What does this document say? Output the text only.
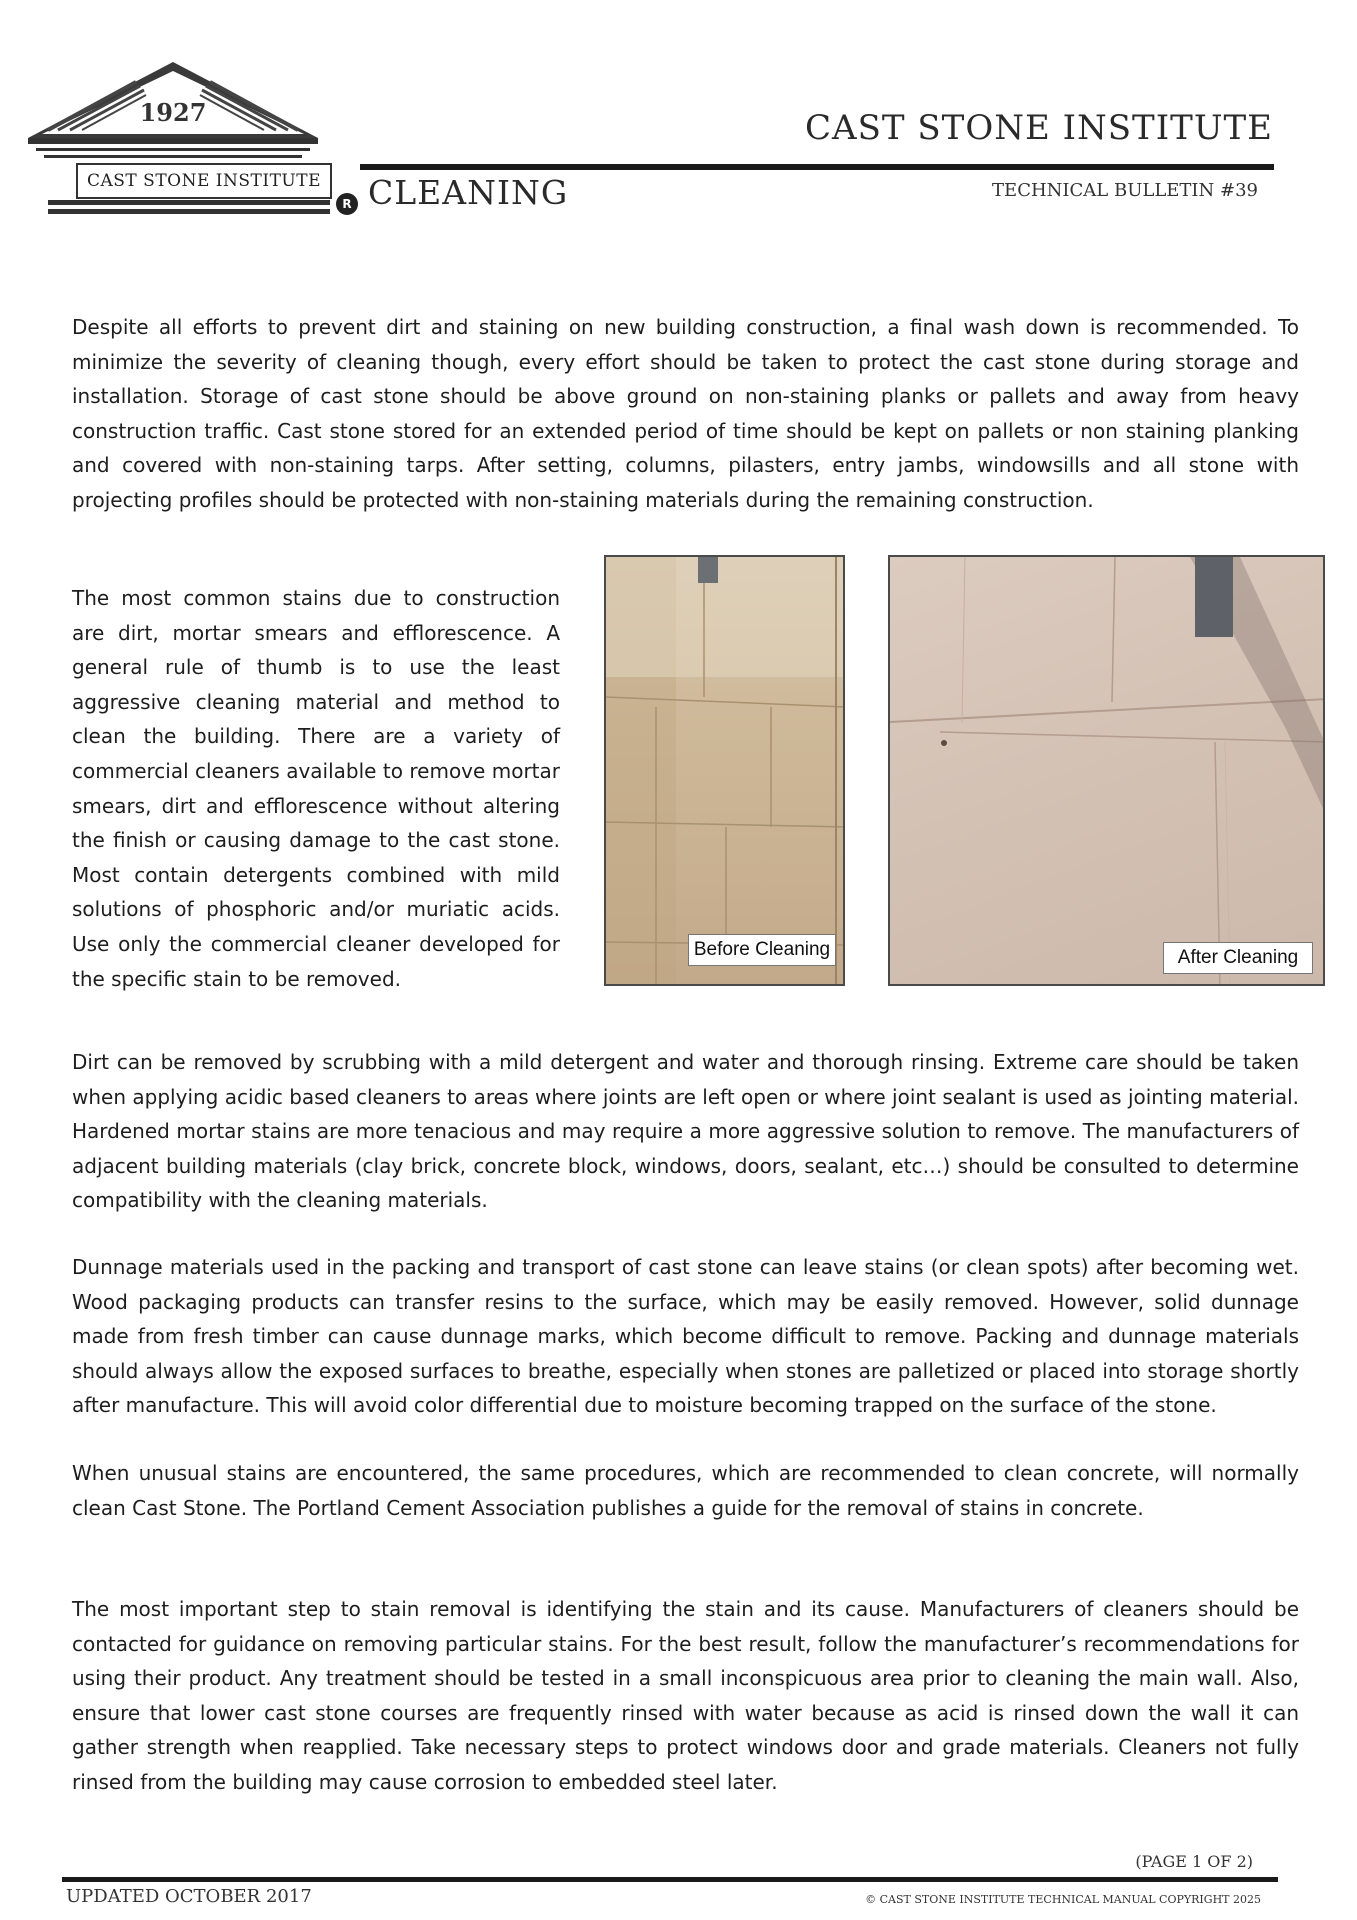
1927
CAST STONE INSTITUTE
R
CAST STONE INSTITUTE
CLEANING	TECHNICAL BULLETIN #39

Despite all efforts to prevent dirt and staining on new building construction, a final wash down is recommended. To minimize the severity of cleaning though, every effort should be taken to protect the cast stone during storage and installation. Storage of cast stone should be above ground on non-staining planks or pallets and away from heavy construction traffic. Cast stone stored for an extended period of time should be kept on pallets or non staining planking and covered with non-staining tarps. After setting, columns, pilasters, entry jambs, windowsills and all stone with projecting profiles should be protected with non-staining materials during the remaining construction.

The most common stains due to construction are dirt, mortar smears and efflorescence. A general rule of thumb is to use the least aggressive cleaning material and method to clean the building. There are a variety of commercial cleaners available to remove mortar smears, dirt and efflorescence without altering the finish or causing damage to the cast stone. Most contain detergents combined with mild solutions of phosphoric and/or muriatic acids. Use only the commercial cleaner developed for the specific stain to be removed.

Before Cleaning	After Cleaning

Dirt can be removed by scrubbing with a mild detergent and water and thorough rinsing. Extreme care should be taken when applying acidic based cleaners to areas where joints are left open or where joint sealant is used as jointing material. Hardened mortar stains are more tenacious and may require a more aggressive solution to remove. The manufacturers of adjacent building materials (clay brick, concrete block, windows, doors, sealant, etc…) should be consulted to determine compatibility with the cleaning materials.

Dunnage materials used in the packing and transport of cast stone can leave stains (or clean spots) after becoming wet. Wood packaging products can transfer resins to the surface, which may be easily removed. However, solid dunnage made from fresh timber can cause dunnage marks, which become difficult to remove. Packing and dunnage materials should always allow the exposed surfaces to breathe, especially when stones are palletized or placed into storage shortly after manufacture. This will avoid color differential due to moisture becoming trapped on the surface of the stone.

When unusual stains are encountered, the same procedures, which are recommended to clean concrete, will normally clean Cast Stone. The Portland Cement Association publishes a guide for the removal of stains in concrete.

The most important step to stain removal is identifying the stain and its cause. Manufacturers of cleaners should be contacted for guidance on removing particular stains. For the best result, follow the manufacturer’s recommendations for using their product. Any treatment should be tested in a small inconspicuous area prior to cleaning the main wall. Also, ensure that lower cast stone courses are frequently rinsed with water because as acid is rinsed down the wall it can gather strength when reapplied. Take necessary steps to protect windows door and grade materials. Cleaners not fully rinsed from the building may cause corrosion to embedded steel later.

(PAGE 1 OF 2)
UPDATED OCTOBER 2017	© CAST STONE INSTITUTE TECHNICAL MANUAL COPYRIGHT 2025
